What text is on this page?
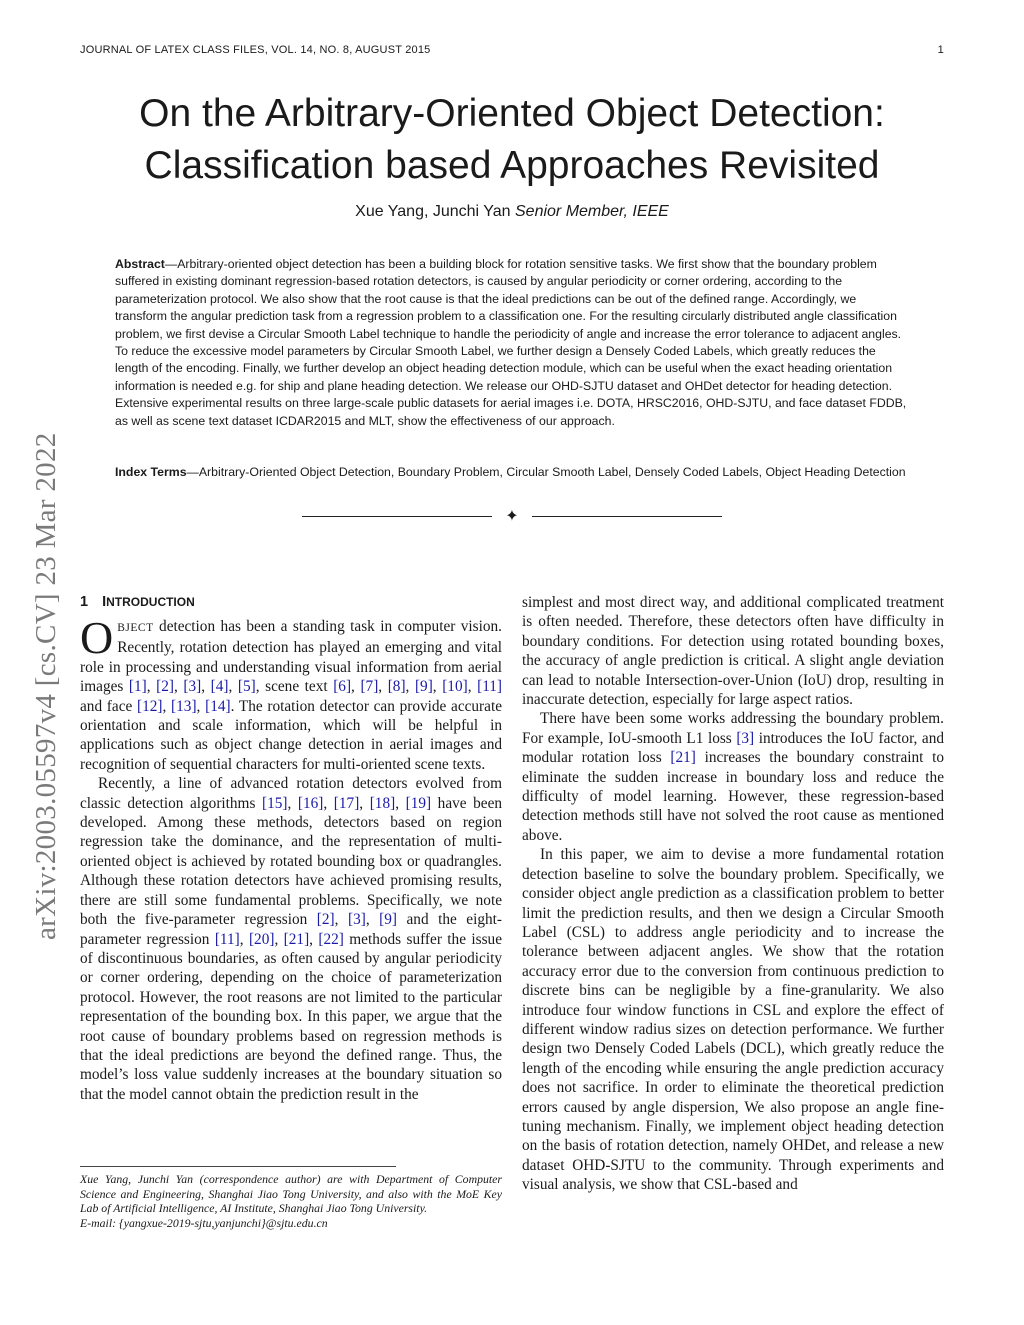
JOURNAL OF LATEX CLASS FILES, VOL. 14, NO. 8, AUGUST 2015	1
arXiv:2003.05597v4 [cs.CV] 23 Mar 2022
On the Arbitrary-Oriented Object Detection:
Classification based Approaches Revisited
Xue Yang, Junchi Yan Senior Member, IEEE
Abstract—Arbitrary-oriented object detection has been a building block for rotation sensitive tasks. We first show that the boundary problem suffered in existing dominant regression-based rotation detectors, is caused by angular periodicity or corner ordering, according to the parameterization protocol. We also show that the root cause is that the ideal predictions can be out of the defined range. Accordingly, we transform the angular prediction task from a regression problem to a classification one. For the resulting circularly distributed angle classification problem, we first devise a Circular Smooth Label technique to handle the periodicity of angle and increase the error tolerance to adjacent angles. To reduce the excessive model parameters by Circular Smooth Label, we further design a Densely Coded Labels, which greatly reduces the length of the encoding. Finally, we further develop an object heading detection module, which can be useful when the exact heading orientation information is needed e.g. for ship and plane heading detection. We release our OHD-SJTU dataset and OHDet detector for heading detection. Extensive experimental results on three large-scale public datasets for aerial images i.e. DOTA, HRSC2016, OHD-SJTU, and face dataset FDDB, as well as scene text dataset ICDAR2015 and MLT, show the effectiveness of our approach.
Index Terms—Arbitrary-Oriented Object Detection, Boundary Problem, Circular Smooth Label, Densely Coded Labels, Object Heading Detection
✦
1 INTRODUCTION

OBJECT detection has been a standing task in computer vision. Recently, rotation detection has played an emerging and vital role in processing and understanding visual information from aerial images [1], [2], [3], [4], [5], scene text [6], [7], [8], [9], [10], [11] and face [12], [13], [14]. The rotation detector can provide accurate orientation and scale information, which will be helpful in applications such as object change detection in aerial images and recognition of sequential characters for multi-oriented scene texts.

Recently, a line of advanced rotation detectors evolved from classic detection algorithms [15], [16], [17], [18], [19] have been developed. Among these methods, detectors based on region regression take the dominance, and the representation of multi-oriented object is achieved by rotated bounding box or quadrangles. Although these rotation detectors have achieved promising results, there are still some fundamental problems. Specifically, we note both the five-parameter regression [2], [3], [9] and the eight-parameter regression [11], [20], [21], [22] methods suffer the issue of discontinuous boundaries, as often caused by angular periodicity or corner ordering, depending on the choice of parameterization protocol. However, the root reasons are not limited to the particular representation of the bounding box. In this paper, we argue that the root cause of boundary problems based on regression methods is that the ideal predictions are beyond the defined range. Thus, the model’s loss value suddenly increases at the boundary situation so that the model cannot obtain the prediction result in the

Xue Yang, Junchi Yan (correspondence author) are with Department of Computer Science and Engineering, Shanghai Jiao Tong University, and also with the MoE Key Lab of Artificial Intelligence, AI Institute, Shanghai Jiao Tong University.
E-mail: {yangxue-2019-sjtu,yanjunchi}@sjtu.edu.cn

simplest and most direct way, and additional complicated treatment is often needed. Therefore, these detectors often have difficulty in boundary conditions. For detection using rotated bounding boxes, the accuracy of angle prediction is critical. A slight angle deviation can lead to notable Intersection-over-Union (IoU) drop, resulting in inaccurate detection, especially for large aspect ratios.

There have been some works addressing the boundary problem. For example, IoU-smooth L1 loss [3] introduces the IoU factor, and modular rotation loss [21] increases the boundary constraint to eliminate the sudden increase in boundary loss and reduce the difficulty of model learning. However, these regression-based detection methods still have not solved the root cause as mentioned above.

In this paper, we aim to devise a more fundamental rotation detection baseline to solve the boundary problem. Specifically, we consider object angle prediction as a classification problem to better limit the prediction results, and then we design a Circular Smooth Label (CSL) to address angle periodicity and to increase the tolerance between adjacent angles. We show that the rotation accuracy error due to the conversion from continuous prediction to discrete bins can be negligible by a fine-granularity. We also introduce four window functions in CSL and explore the effect of different window radius sizes on detection performance. We further design two Densely Coded Labels (DCL), which greatly reduce the length of the encoding while ensuring the angle prediction accuracy does not sacrifice. In order to eliminate the theoretical prediction errors caused by angle dispersion, We also propose an angle fine-tuning mechanism. Finally, we implement object heading detection on the basis of rotation detection, namely OHDet, and release a new dataset OHD-SJTU to the community. Through experiments and visual analysis, we show that CSL-based and
